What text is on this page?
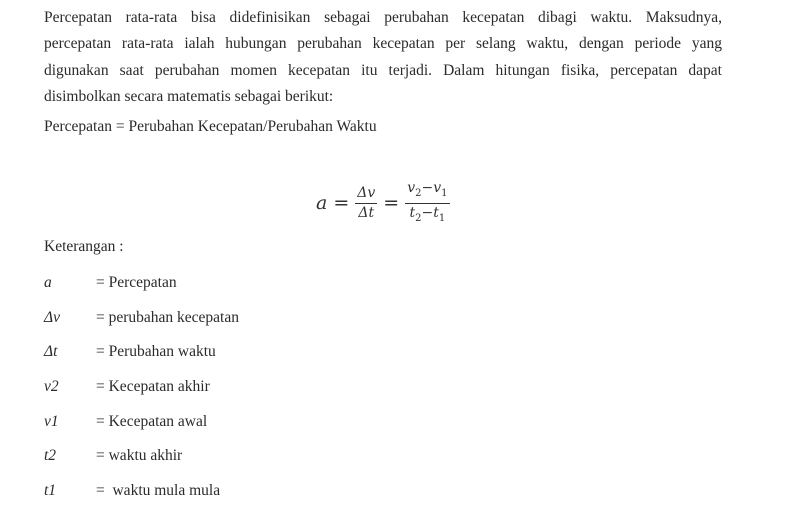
Percepatan rata-rata bisa didefinisikan sebagai perubahan kecepatan dibagi waktu. Maksudnya,
percepatan rata-rata ialah hubungan perubahan kecepatan per selang waktu, dengan periode yang
digunakan saat perubahan momen kecepatan itu terjadi. Dalam hitungan fisika, percepatan dapat
disimbolkan secara matematis sebagai berikut:

Percepatan = Perubahan Kecepatan/Perubahan Waktu

$a = \frac{\Delta v}{\Delta t} = \frac{v_2-v_1}{t_2-t_1}$

Keterangan :

a	= Percepatan
Δv	= perubahan kecepatan
Δt	= Perubahan waktu
v2	= Kecepatan akhir
v1	= Kecepatan awal
t2	= waktu akhir
t1	=  waktu mula mula
